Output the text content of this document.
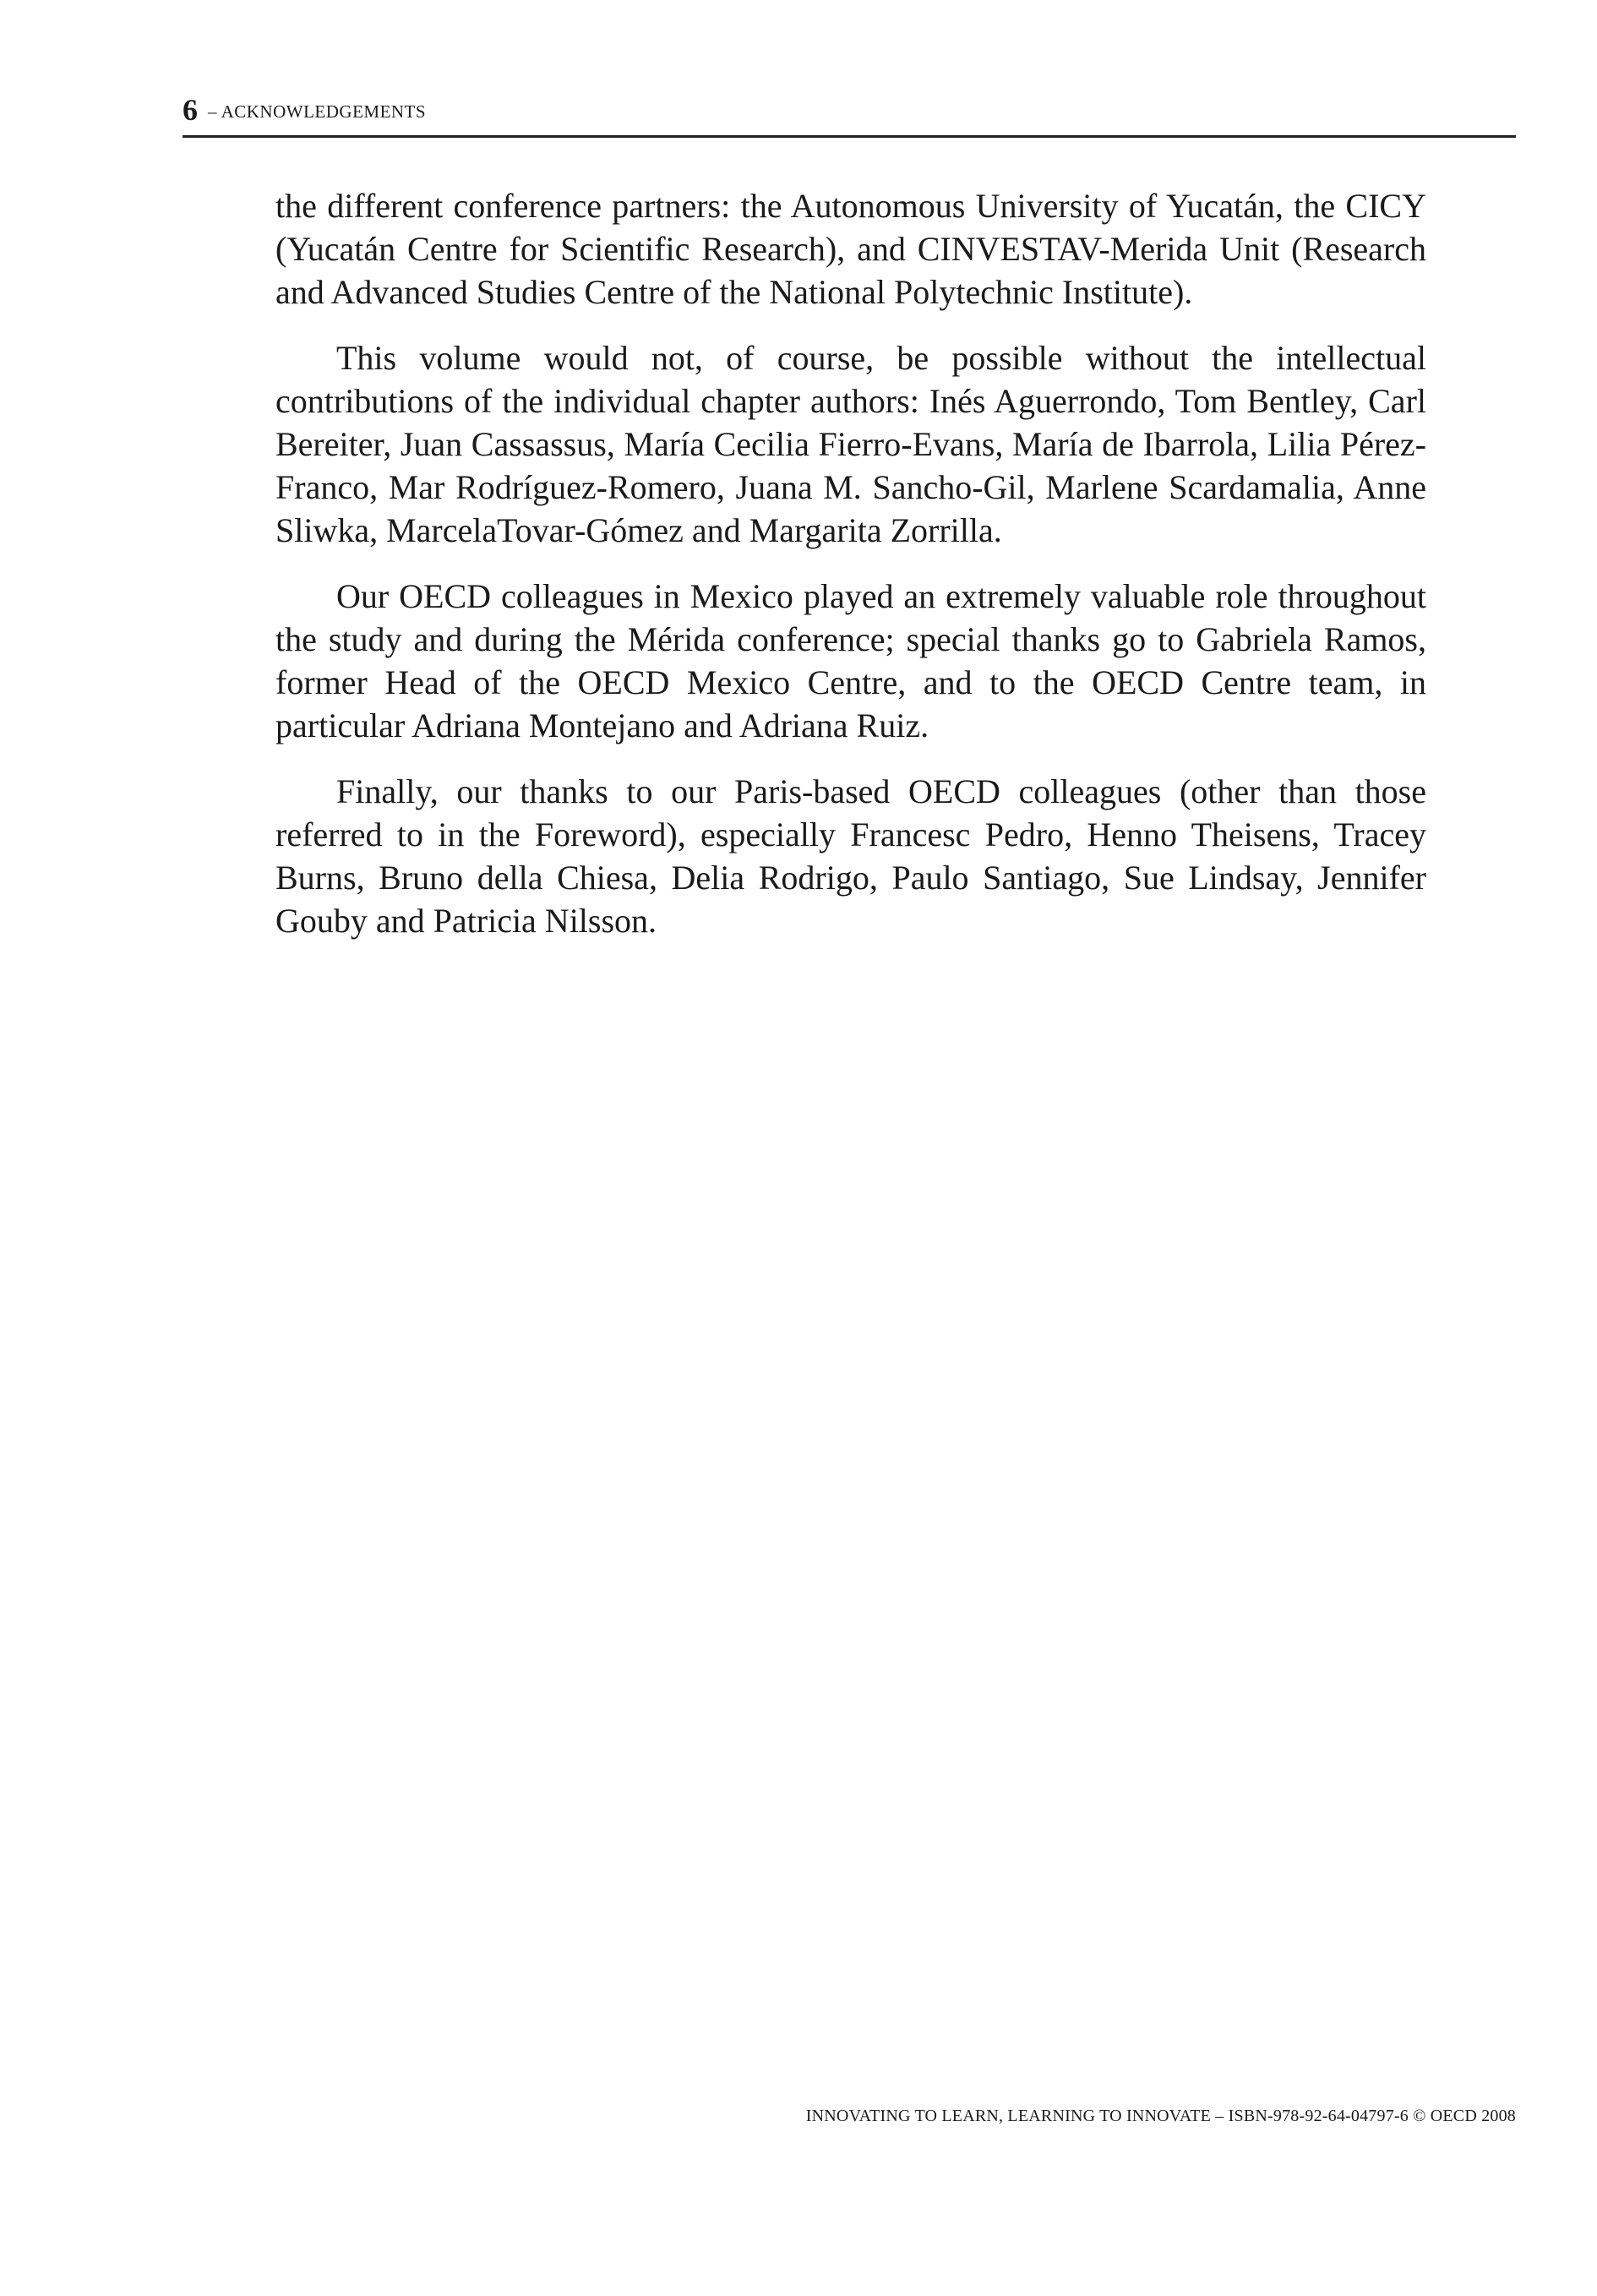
6 – ACKNOWLEDGEMENTS

the different conference partners: the Autonomous University of Yucatán, the CICY (Yucatán Centre for Scientific Research), and CINVESTAV-Merida Unit (Research and Advanced Studies Centre of the National Polytechnic Institute).

This volume would not, of course, be possible without the intellectual contributions of the individual chapter authors: Inés Aguerrondo, Tom Bentley, Carl Bereiter, Juan Cassassus, María Cecilia Fierro-Evans, María de Ibarrola, Lilia Pérez-Franco, Mar Rodríguez-Romero, Juana M. Sancho-Gil, Marlene Scardamalia, Anne Sliwka, MarcelaTovar-Gómez and Margarita Zorrilla.

Our OECD colleagues in Mexico played an extremely valuable role throughout the study and during the Mérida conference; special thanks go to Gabriela Ramos, former Head of the OECD Mexico Centre, and to the OECD Centre team, in particular Adriana Montejano and Adriana Ruiz.

Finally, our thanks to our Paris-based OECD colleagues (other than those referred to in the Foreword), especially Francesc Pedro, Henno Theisens, Tracey Burns, Bruno della Chiesa, Delia Rodrigo, Paulo Santiago, Sue Lindsay, Jennifer Gouby and Patricia Nilsson.

INNOVATING TO LEARN, LEARNING TO INNOVATE – ISBN-978-92-64-04797-6 © OECD 2008
